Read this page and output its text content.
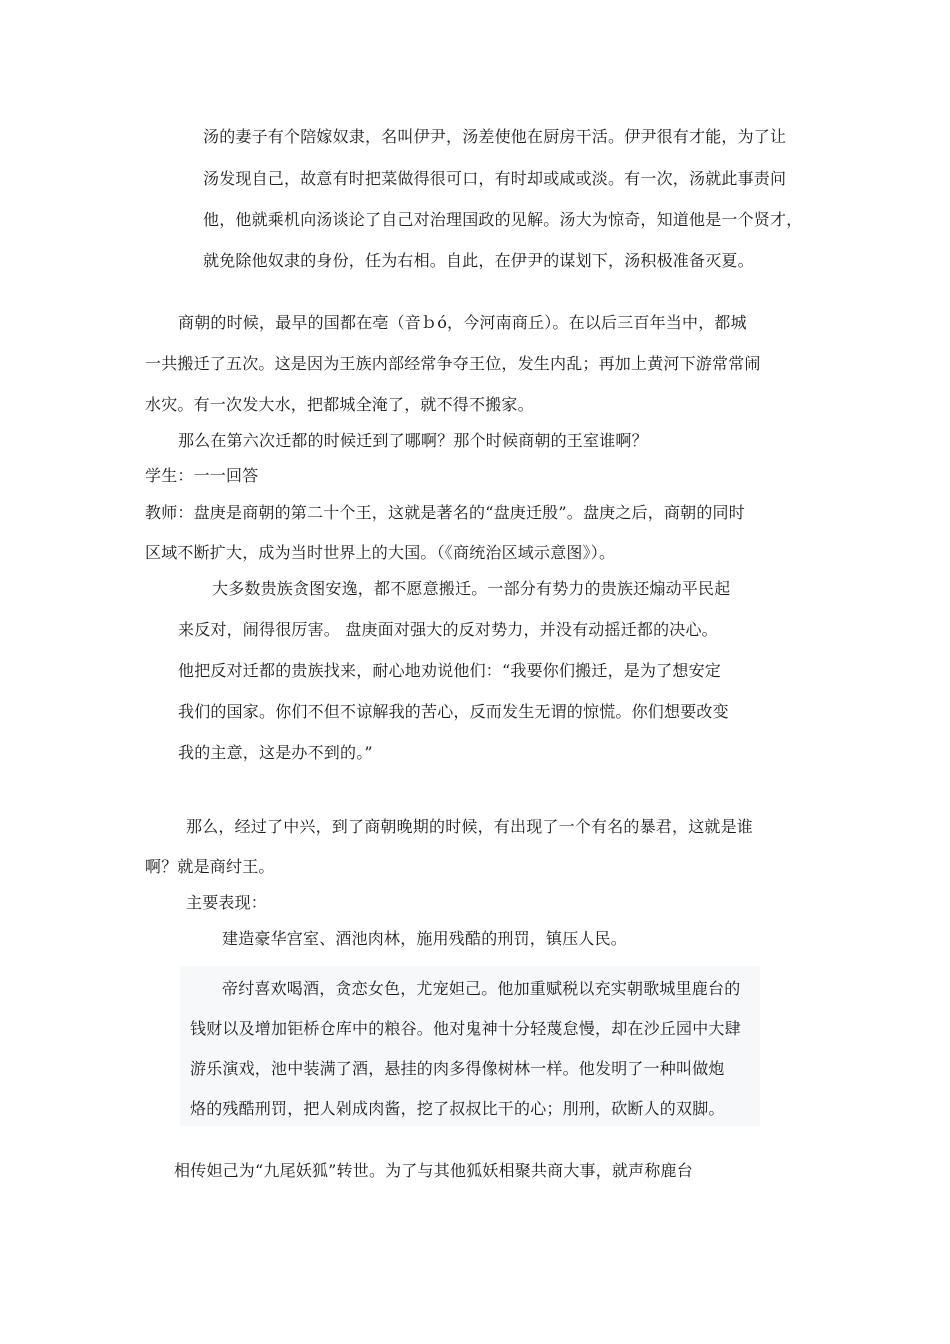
汤的妻子有个陪嫁奴隶，名叫伊尹，汤差使他在厨房干活。伊尹很有才能，为了让
汤发现自己，故意有时把菜做得很可口，有时却或咸或淡。有一次，汤就此事责问
他，他就乘机向汤谈论了自己对治理国政的见解。汤大为惊奇，知道他是一个贤才，
就免除他奴隶的身份，任为右相。自此，在伊尹的谋划下，汤积极准备灭夏。
商朝的时候，最早的国都在亳（音ｂó，今河南商丘）。在以后三百年当中，都城
一共搬迁了五次。这是因为王族内部经常争夺王位，发生内乱；再加上黄河下游常常闹
水灾。有一次发大水，把都城全淹了，就不得不搬家。
那么在第六次迁都的时候迁到了哪啊？那个时候商朝的王室谁啊？
学生：一一回答
教师：盘庚是商朝的第二十个王，这就是著名的“盘庚迁殷”。盘庚之后，商朝的同时
区域不断扩大，成为当时世界上的大国。（《商统治区域示意图》）。
大多数贵族贪图安逸，都不愿意搬迁。一部分有势力的贵族还煽动平民起
来反对，闹得很厉害。 盘庚面对强大的反对势力，并没有动摇迁都的决心。
他把反对迁都的贵族找来，耐心地劝说他们：“我要你们搬迁，是为了想安定
我们的国家。你们不但不谅解我的苦心，反而发生无谓的惊慌。你们想要改变
我的主意，这是办不到的。”
那么，经过了中兴，到了商朝晚期的时候，有出现了一个有名的暴君，这就是谁
啊？就是商纣王。
主要表现：
建造豪华宫室、酒池肉林，施用残酷的刑罚，镇压人民。
帝纣喜欢喝酒，贪恋女色，尤宠妲己。他加重赋税以充实朝歌城里鹿台的
钱财以及增加钜桥仓库中的粮谷。他对鬼神十分轻蔑怠慢，却在沙丘园中大肆
游乐演戏，池中装满了酒，悬挂的肉多得像树林一样。他发明了一种叫做炮
烙的残酷刑罚，把人剁成肉酱，挖了叔叔比干的心；刖刑，砍断人的双脚。
相传妲己为“九尾妖狐”转世。为了与其他狐妖相聚共商大事，就声称鹿台
